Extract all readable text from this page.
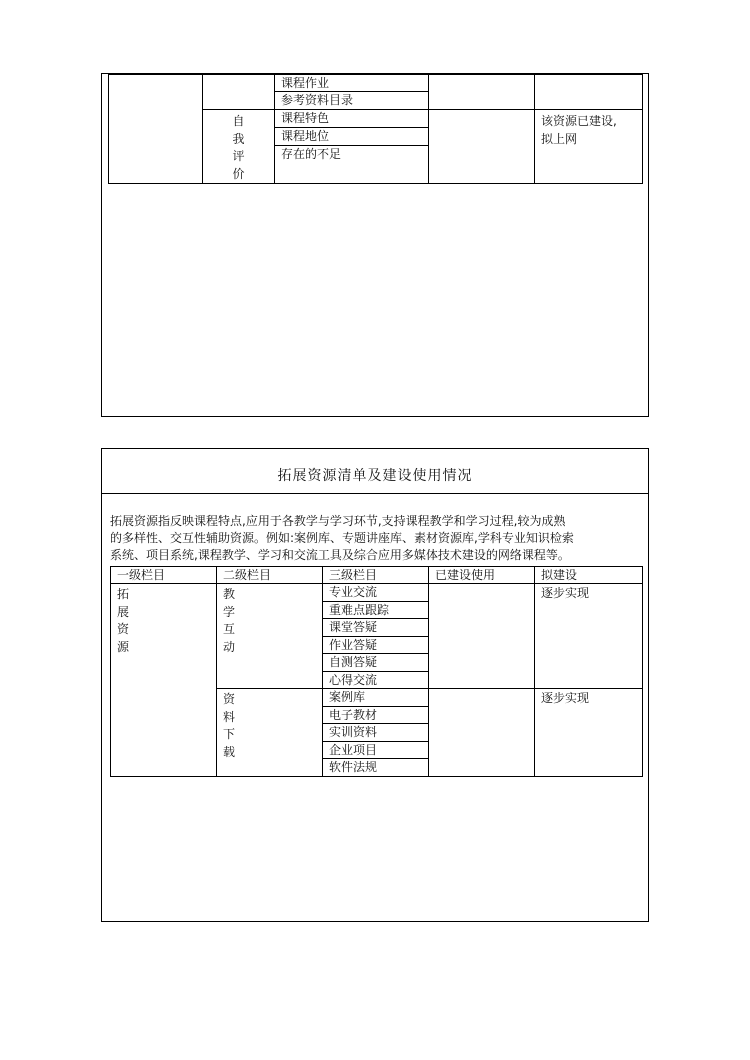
		课程作业		
		参考资料目录		
	自
我
评
价	课程特色		该资源已建设,
拟上网
		课程地位		
		存在的不足		
拓展资源清单及建设使用情况

拓展资源指反映课程特点,应用于各教学与学习环节,支持课程教学和学习过程,较为成熟

的多样性、交互性辅助资源。例如:案例库、专题讲座库、素材资源库,学科专业知识检索

系统、项目系统,课程教学、学习和交流工具及综合应用多媒体技术建设的网络课程等。

一级栏目	二级栏目	三级栏目	已建设使用	拟建设
拓
展
资
源	教
学
互
动	专业交流		逐步实现
		重难点跟踪		
		课堂答疑		
		作业答疑		
		自测答疑		
		心得交流		
	资
料
下
载	案例库		逐步实现
		电子教材		
		实训资料		
		企业项目		
		软件法规		
